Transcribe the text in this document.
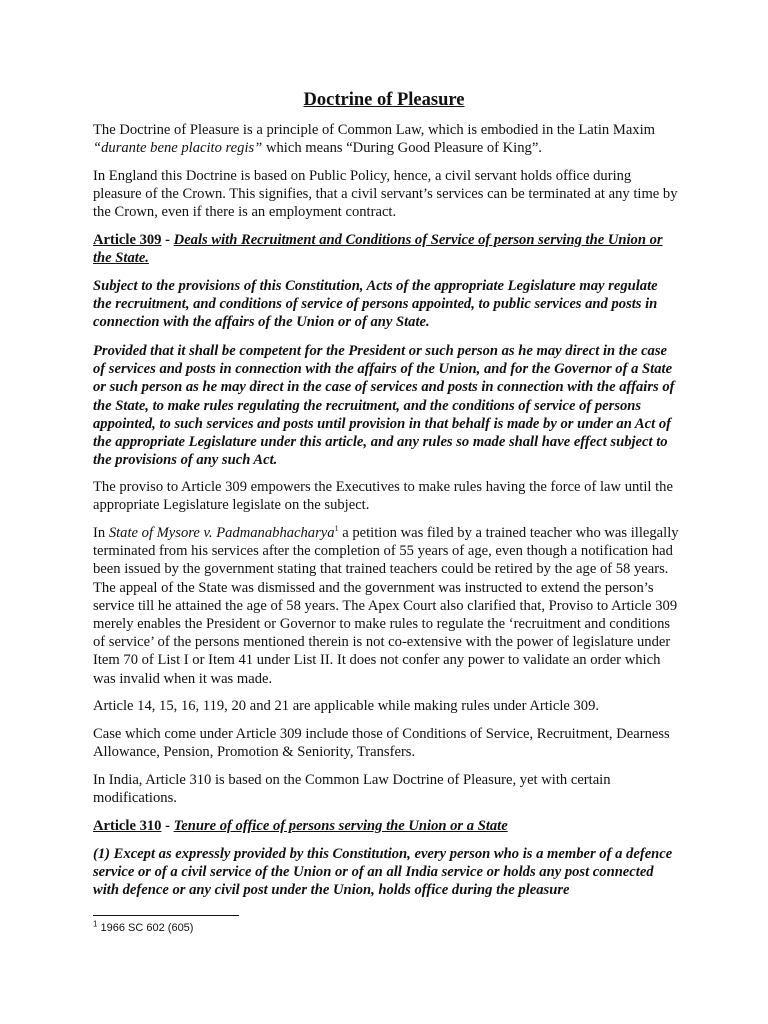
Doctrine of Pleasure

The Doctrine of Pleasure is a principle of Common Law, which is embodied in the Latin Maxim “durante bene placito regis” which means “During Good Pleasure of King”.

In England this Doctrine is based on Public Policy, hence, a civil servant holds office during pleasure of the Crown. This signifies, that a civil servant’s services can be terminated at any time by the Crown, even if there is an employment contract.

Article 309 - Deals with Recruitment and Conditions of Service of person serving the Union or the State.

Subject to the provisions of this Constitution, Acts of the appropriate Legislature may regulate the recruitment, and conditions of service of persons appointed, to public services and posts in connection with the affairs of the Union or of any State.

Provided that it shall be competent for the President or such person as he may direct in the case of services and posts in connection with the affairs of the Union, and for the Governor of a State or such person as he may direct in the case of services and posts in connection with the affairs of the State, to make rules regulating the recruitment, and the conditions of service of persons appointed, to such services and posts until provision in that behalf is made by or under an Act of the appropriate Legislature under this article, and any rules so made shall have effect subject to the provisions of any such Act.

The proviso to Article 309 empowers the Executives to make rules having the force of law until the appropriate Legislature legislate on the subject.

In State of Mysore v. Padmanabhacharya$^1$ a petition was filed by a trained teacher who was illegally terminated from his services after the completion of 55 years of age, even though a notification had been issued by the government stating that trained teachers could be retired by the age of 58 years. The appeal of the State was dismissed and the government was instructed to extend the person’s service till he attained the age of 58 years. The Apex Court also clarified that, Proviso to Article 309 merely enables the President or Governor to make rules to regulate the ‘recruitment and conditions of service’ of the persons mentioned therein is not co-extensive with the power of legislature under Item 70 of List I or Item 41 under List II. It does not confer any power to validate an order which was invalid when it was made.

Article 14, 15, 16, 119, 20 and 21 are applicable while making rules under Article 309.

Case which come under Article 309 include those of Conditions of Service, Recruitment, Dearness Allowance, Pension, Promotion & Seniority, Transfers.

In India, Article 310 is based on the Common Law Doctrine of Pleasure, yet with certain modifications.

Article 310 - Tenure of office of persons serving the Union or a State

(1) Except as expressly provided by this Constitution, every person who is a member of a defence service or of a civil service of the Union or of an all India service or holds any post connected with defence or any civil post under the Union, holds office during the pleasure

$^1$ 1966 SC 602 (605)
